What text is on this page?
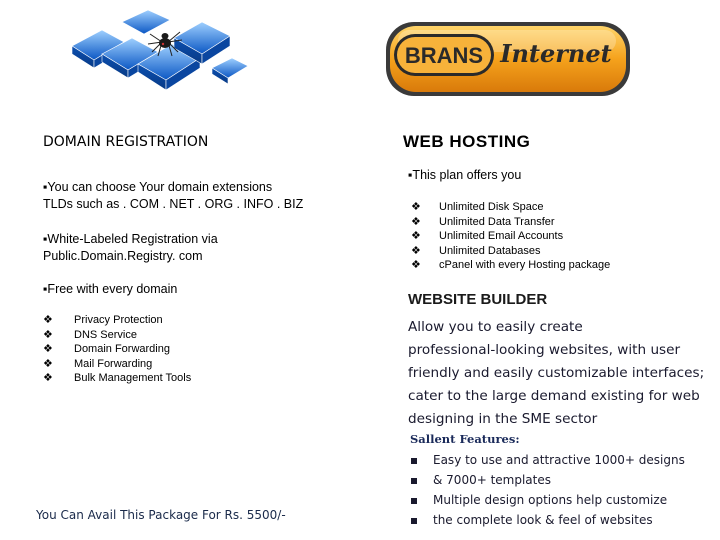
BRANS Internet
DOMAIN REGISTRATION
▪You can choose Your domain extensions
TLDs such as . COM . NET . ORG . INFO . BIZ
▪White-Labeled Registration via
Public.Domain.Registry. com
▪Free with every domain
❖ Privacy Protection
❖ DNS Service
❖ Domain Forwarding
❖ Mail Forwarding
❖ Bulk Management Tools
You Can Avail This Package For Rs. 5500/-
WEB HOSTING
▪This plan offers you
❖ Unlimited Disk Space
❖ Unlimited Data Transfer
❖ Unlimited Email Accounts
❖ Unlimited Databases
❖ cPanel with every Hosting package
WEBSITE BUILDER
Allow you to easily create
professional-looking websites, with user
friendly and easily customizable interfaces;
cater to the large demand existing for web
designing in the SME sector
Sallent Features:
Easy to use and attractive 1000+ designs
& 7000+ templates
Multiple design options help customize
the complete look & feel of websites
